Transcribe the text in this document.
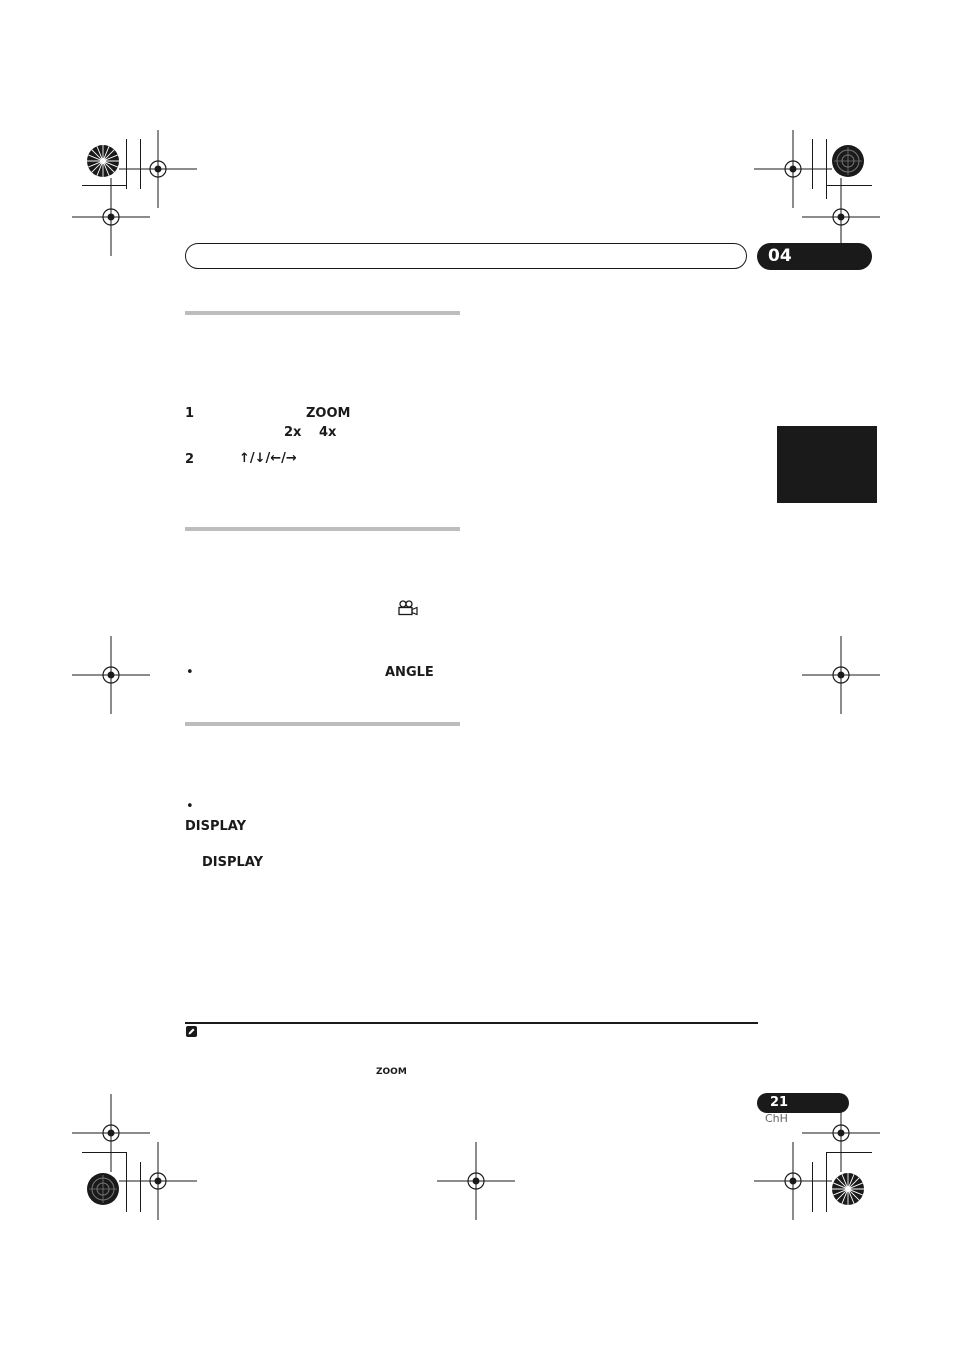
04
1	ZOOM
2x 4x
2	↑/↓/←/→
•	ANGLE
•
DISPLAY
DISPLAY
ZOOM
21
ChH
